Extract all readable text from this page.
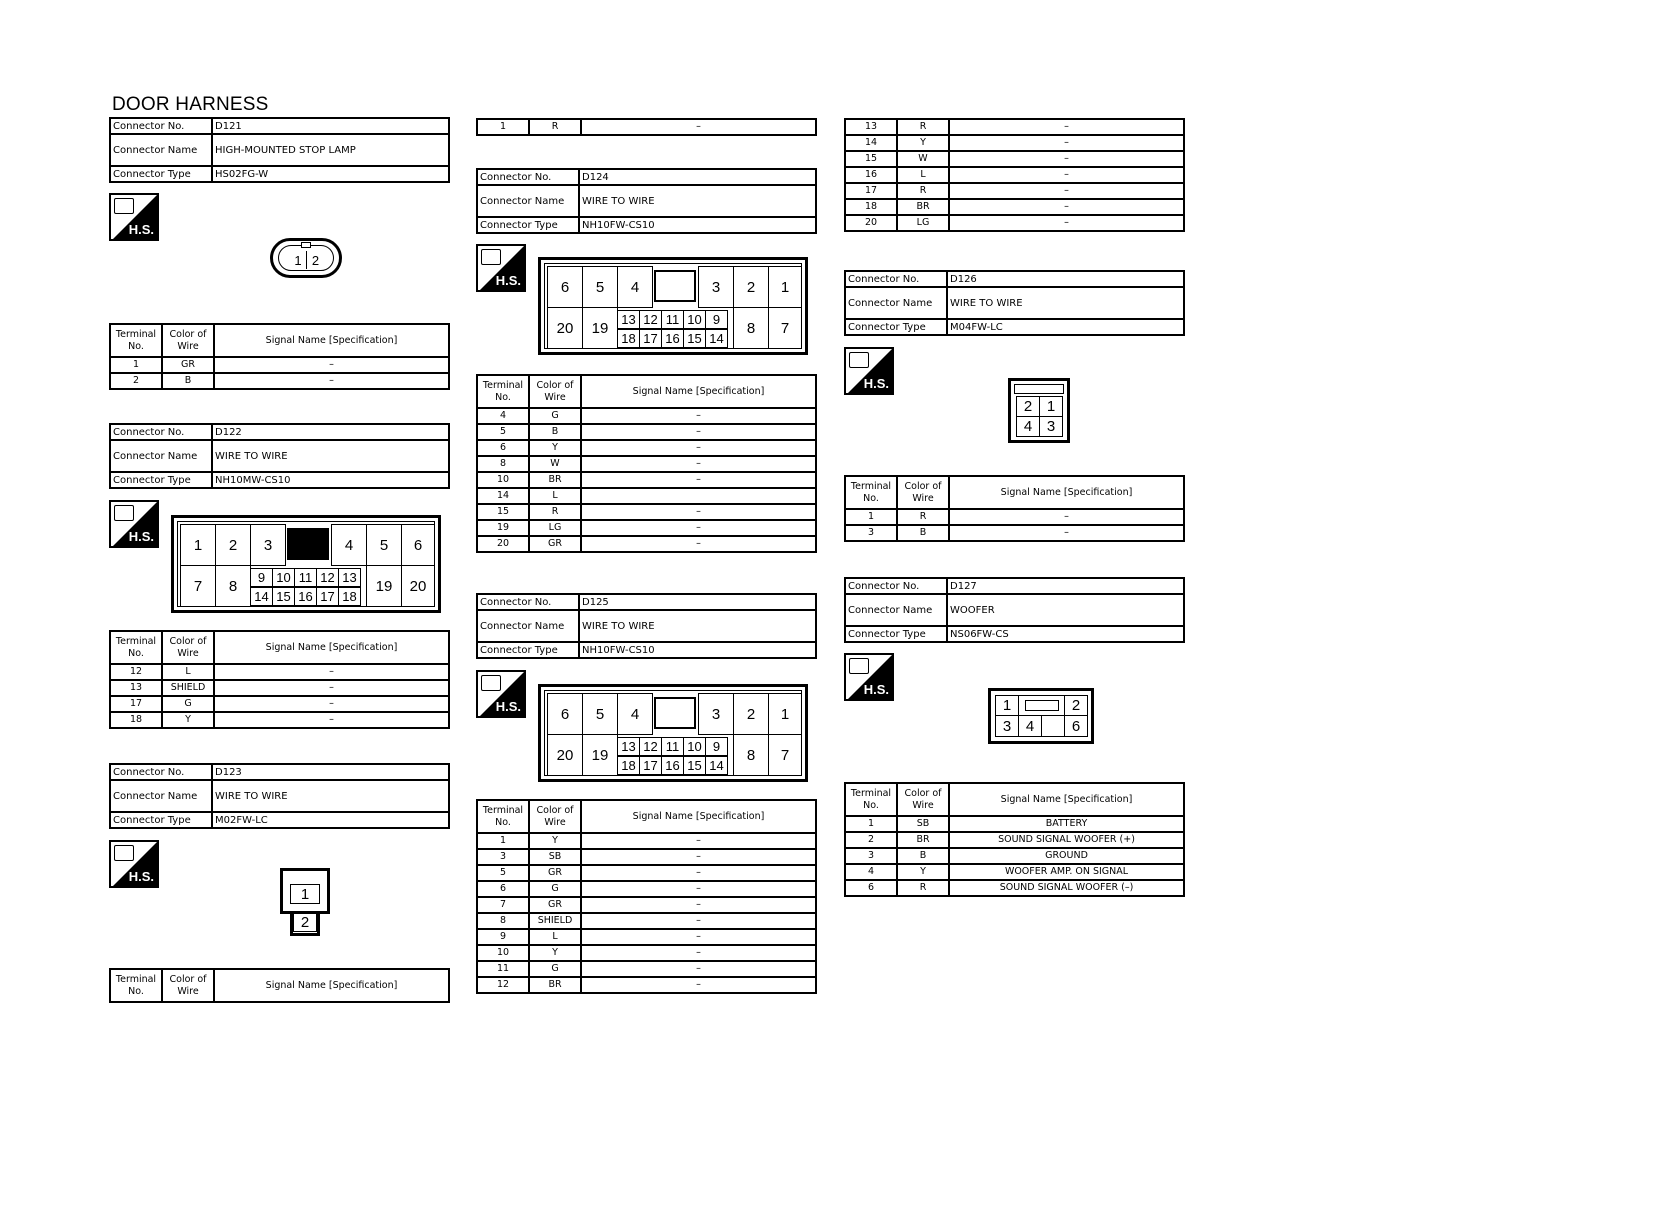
DOOR HARNESS
Connector No.	D121
Connector Name	HIGH-MOUNTED STOP LAMP
Connector Type	HS02FG-W
H.S.
1 2
Terminal No.	Color of Wire	Signal Name [Specification]
1	GR	–
2	B	–
Connector No.	D122
Connector Name	WIRE TO WIRE
Connector Type	NH10MW-CS10
H.S.	1	2	3	4	5	6
7	8	9 10 11 12 13
14 15 16 17 18
19	20
Terminal No.	Color of Wire	Signal Name [Specification]
12	L	–
13	SHIELD	–
17	G	–
18	Y	–
Connector No.	D123
Connector Name	WIRE TO WIRE
Connector Type	M02FW-LC
H.S.
1
2
Terminal No.	Color of Wire	Signal Name [Specification]
1	R	–
Connector No.	D124
Connector Name	WIRE TO WIRE
Connector Type	NH10FW-CS10
H.S.	6	5	4	3	2	1
20	19 13 12 11 10 9
18 17 16 15 14
8	7
Terminal No.	Color of Wire	Signal Name [Specification]
4	G	–
5	B	–
6	Y	–
8	W	–
10	BR	–
14	L	
15	R	–
19	LG	–
20	GR	–
Connector No.	D125
Connector Name	WIRE TO WIRE
Connector Type	NH10FW-CS10
H.S.	6	5	4	3	2	1
20	19 13 12 11 10 9
18 17 16 15 14
8	7
Terminal No.	Color of Wire	Signal Name [Specification]
1	Y	–
3	SB	–
5	GR	–
6	G	–
7	GR	–
8	SHIELD	–
9	L	–
10	Y	–
11	G	–
12	BR	–
13	R	–
14	Y	–
15	W	–
16	L	–
17	R	–
18	BR	–
20	LG	–
Connector No.	D126
Connector Name	WIRE TO WIRE
Connector Type	M04FW-LC
H.S.
2 1
4 3
Terminal No.	Color of Wire	Signal Name [Specification]
1	R	–
3	B	–
Connector No.	D127
Connector Name	WOOFER
Connector Type	NS06FW-CS
H.S.
1	2
3 4	6
Terminal No.	Color of Wire	Signal Name [Specification]
1	SB	BATTERY
2	BR	SOUND SIGNAL WOOFER (+)
3	B	GROUND
4	Y	WOOFER AMP. ON SIGNAL
6	R	SOUND SIGNAL WOOFER (–)
